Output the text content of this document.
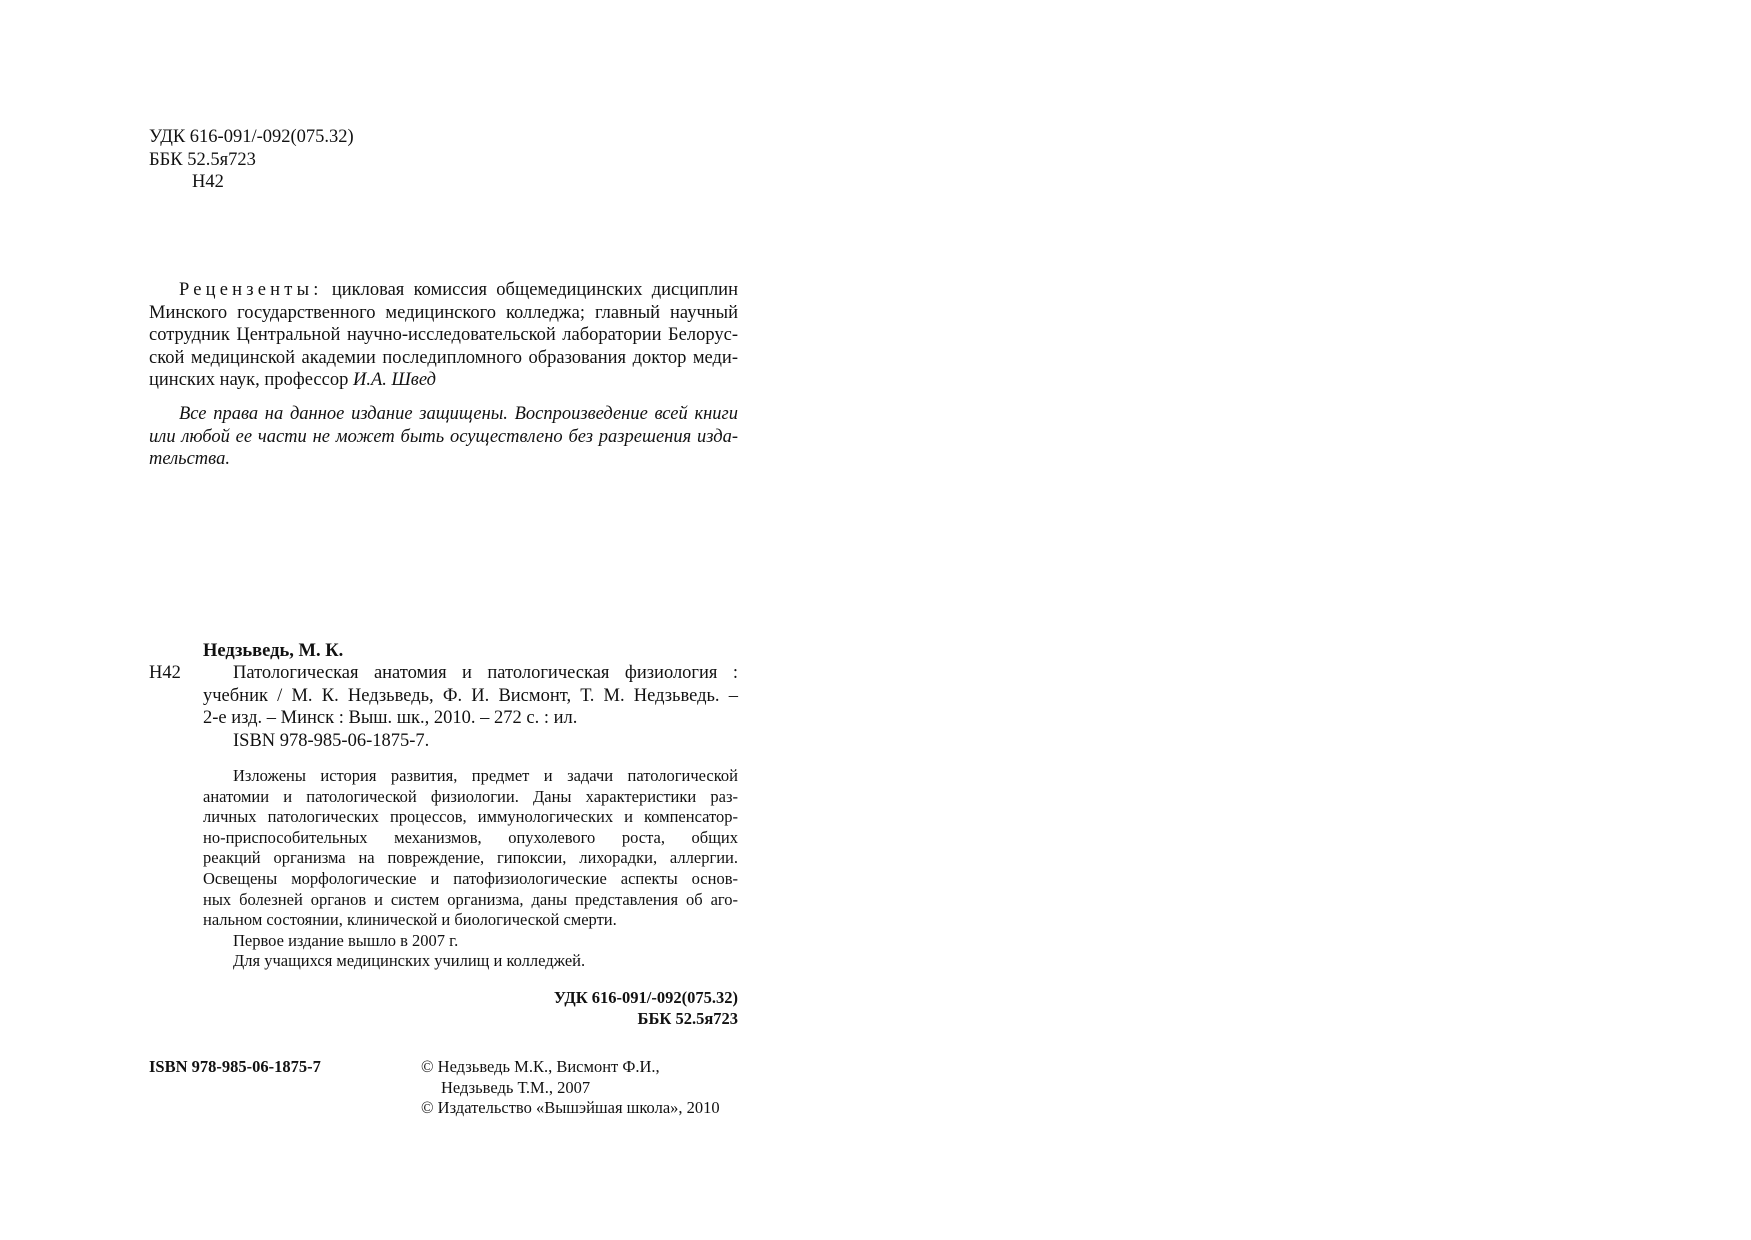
УДК 616-091/-092(075.32)
ББК 52.5я723
Н42
Рецензенты: цикловая комиссия общемедицинских дисциплин
Минского государственного медицинского колледжа; главный научный
сотрудник Центральной научно-исследовательской лаборатории Белорус-
ской медицинской академии последипломного образования доктор меди-
цинских наук, профессор И.А. Швед
Все права на данное издание защищены. Воспроизведение всей книги
или любой ее части не может быть осуществлено без разрешения изда-
тельства.
Недзьведь, М. К.
Н42	Патологическая анатомия и патологическая физиология :
учебник / М. К. Недзьведь, Ф. И. Висмонт, Т. М. Недзьведь. –
2-е изд. – Минск : Выш. шк., 2010. – 272 с. : ил.
ISBN 978-985-06-1875-7.
Изложены история развития, предмет и задачи патологической
анатомии и патологической физиологии. Даны характеристики раз-
личных патологических процессов, иммунологических и компенсатор-
но-приспособительных механизмов, опухолевого роста, общих
реакций организма на повреждение, гипоксии, лихорадки, аллергии.
Освещены морфологические и патофизиологические аспекты основ-
ных болезней органов и систем организма, даны представления об аго-
нальном состоянии, клинической и биологической смерти.
Первое издание вышло в 2007 г.
Для учащихся медицинских училищ и колледжей.
УДК 616-091/-092(075.32)
ББК 52.5я723
ISBN 978-985-06-1875-7	© Недзьведь М.К., Висмонт Ф.И.,
Недзьведь Т.М., 2007
© Издательство «Вышэйшая школа», 2010
